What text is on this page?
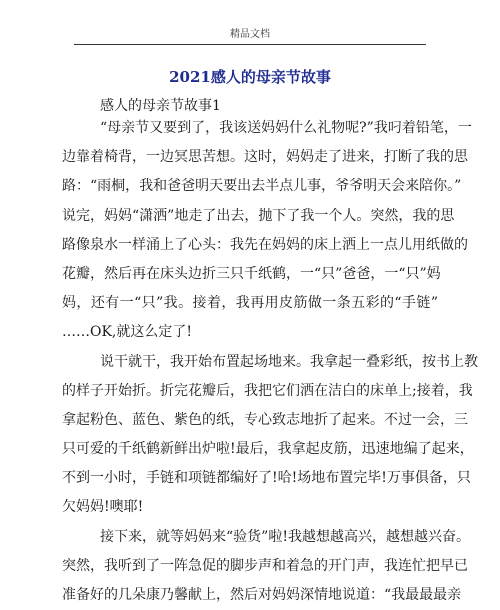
精品文档
2021感人的母亲节故事
感人的母亲节故事1
“母亲节又要到了，我该送妈妈什么礼物呢?”我叼着铅笔，一
边靠着椅背，一边冥思苦想。这时，妈妈走了进来，打断了我的思
路：“雨桐，我和爸爸明天要出去半点儿事，爷爷明天会来陪你。”
说完，妈妈“潇洒”地走了出去，抛下了我一个人。突然，我的思
路像泉水一样涌上了心头：我先在妈妈的床上洒上一点儿用纸做的
花瓣，然后再在床头边折三只千纸鹤，一“只”爸爸，一“只”妈
妈，还有一“只”我。接着，我再用皮筋做一条五彩的“手链”
……OK,就这么定了!
说干就干，我开始布置起场地来。我拿起一叠彩纸，按书上教
的样子开始折。折完花瓣后，我把它们洒在洁白的床单上;接着，我
拿起粉色、蓝色、紫色的纸，专心致志地折了起来。不过一会，三
只可爱的千纸鹤新鲜出炉啦!最后，我拿起皮筋，迅速地编了起来，
不到一小时，手链和项链都编好了!哈!场地布置完毕!万事俱备，只
欠妈妈!噢耶!
接下来，就等妈妈来“验货”啦!我越想越高兴，越想越兴奋。
突然，我听到了一阵急促的脚步声和着急的开门声，我连忙把早已
准备好的几朵康乃馨献上，然后对妈妈深情地说道：“我最最最亲
